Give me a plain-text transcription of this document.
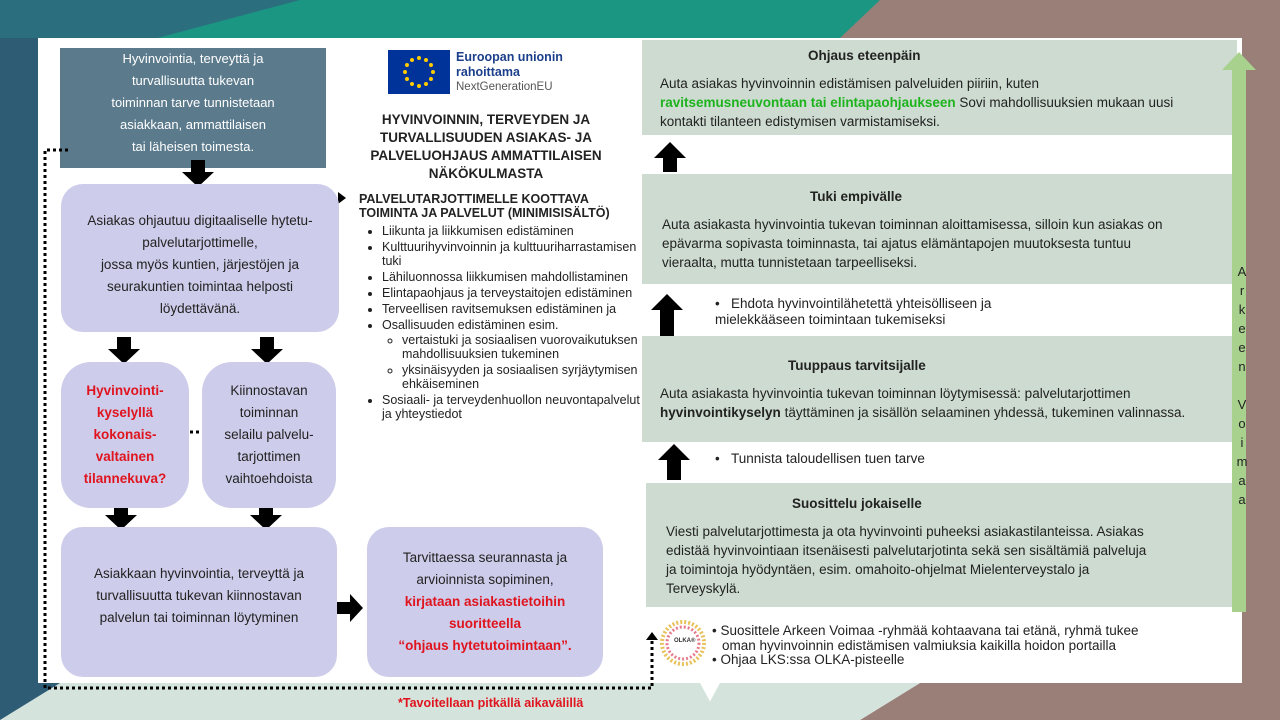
Hyvinvointia, terveyttä ja
turvallisuutta tukevan
toiminnan tarve tunnistetaan
asiakkaan, ammattilaisen
tai läheisen toimesta.
Asiakas ohjautuu digitaaliselle hytetu-
palvelutarjottimelle,
jossa myös kuntien, järjestöjen ja
seurakuntien toimintaa helposti
löydettävänä.
Hyvinvointi-
kyselyllä
kokonais-
valtainen
tilannekuva?
Kiinnostavan
toiminnan
selailu palvelu-
tarjottimen
vaihtoehdoista
Asiakkaan hyvinvointia, terveyttä ja
turvallisuutta tukevan kiinnostavan
palvelun tai toiminnan löytyminen
Tarvittaessa seurannasta ja
arvioinnista sopiminen,
kirjataan asiakastietoihin
suoritteella
“ohjaus hytetutoimintaan”.
*Tavoitellaan pitkällä aikavälillä
Euroopan unionin
rahoittama
NextGenerationEU
HYVINVOINNIN, TERVEYDEN JA
TURVALLISUUDEN ASIAKAS- JA
PALVELUOHJAUS AMMATTILAISEN
NÄKÖKULMASTA
PALVELUTARJOTTIMELLE KOOTTAVA
TOIMINTA JA PALVELUT (MINIMISISÄLTÖ)
• Liikunta ja liikkumisen edistäminen
• Kulttuurihyvinvoinnin ja kulttuuriharrastamisen tuki
• Lähiluonnossa liikkumisen mahdollistaminen
• Elintapaohjaus ja terveystaitojen edistäminen
• Terveellisen ravitsemuksen edistäminen ja
• Osallisuuden edistäminen esim.
◦ vertaistuki ja sosiaalisen vuorovaikutuksen mahdollisuuksien tukeminen
◦ yksinäisyyden ja sosiaalisen syrjäytymisen ehkäiseminen
• Sosiaali- ja terveydenhuollon neuvontapalvelut ja yhteystiedot
Ohjaus eteenpäin
Auta asiakas hyvinvoinnin edistämisen palveluiden piiriin, kuten
ravitsemusneuvontaan tai elintapaohjaukseen Sovi mahdollisuuksien mukaan uusi
kontakti tilanteen edistymisen varmistamiseksi.
Tuki empivälle
Auta asiakasta hyvinvointia tukevan toiminnan aloittamisessa, silloin kun asiakas on
epävarma sopivasta toiminnasta, tai ajatus elämäntapojen muutoksesta tuntuu
vieraalta, mutta tunnistetaan tarpeelliseksi.
•   Ehdota hyvinvointilähetettä yhteisölliseen ja
mielekkääseen toimintaan tukemiseksi
Tuuppaus tarvitsijalle
Auta asiakasta hyvinvointia tukevan toiminnan löytymisessä: palvelutarjottimen
hyvinvointikyselyn täyttäminen ja sisällön selaaminen yhdessä, tukeminen valinnassa.
•   Tunnista taloudellisen tuen tarve
Suosittelu jokaiselle
Viesti palvelutarjottimesta ja ota hyvinvointi puheeksi asiakastilanteissa. Asiakas
edistää hyvinvointiaan itsenäisesti palvelutarjotinta sekä sen sisältämiä palveluja
ja toimintoja hyödyntäen, esim. omahoito-ohjelmat Mielenterveystalo ja
Terveyskylä.
OLKA®
• Suosittele Arkeen Voimaa -ryhmää kohtaavana tai etänä, ryhmä tukee
oman hyvinvoinnin edistämisen valmiuksia kaikilla hoidon portailla
• Ohjaa LKS:ssa OLKA-pisteelle
A
r
k
e
e
n
V
o
i
m
a
a
